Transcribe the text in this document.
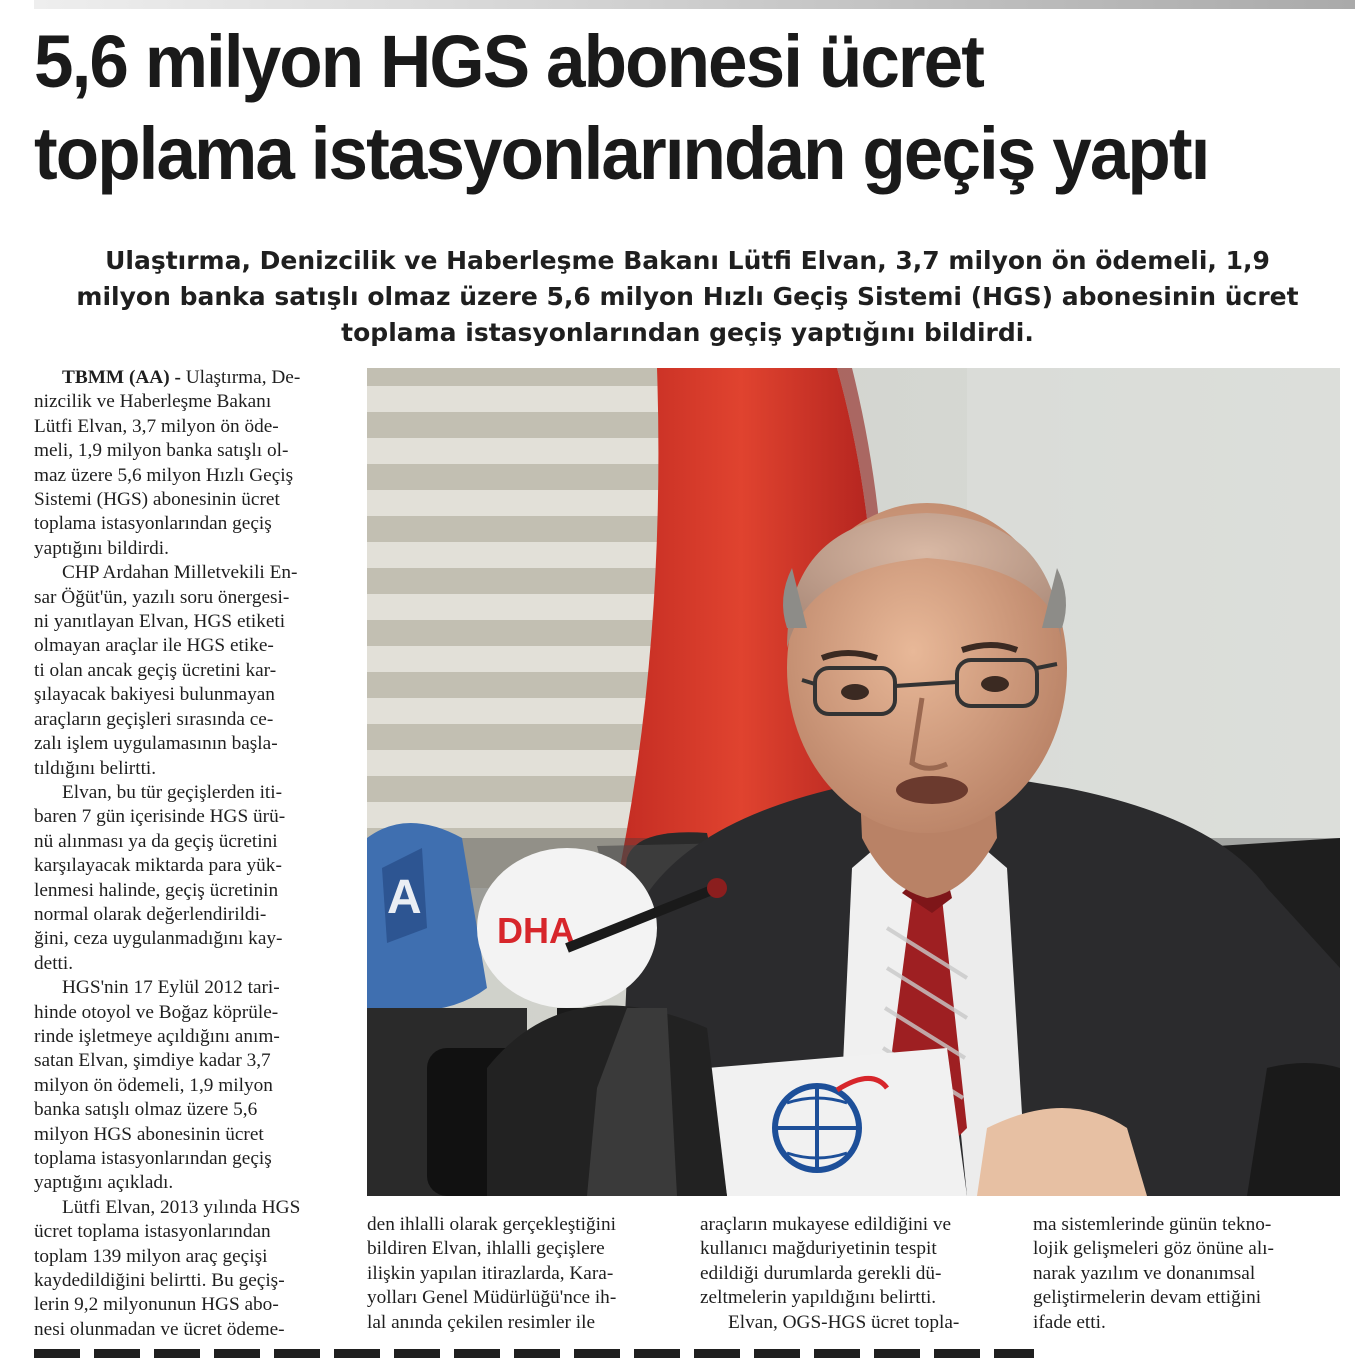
5,6 milyon HGS abonesi ücret
toplama istasyonlarından geçiş yaptı

Ulaştırma, Denizcilik ve Haberleşme Bakanı Lütfi Elvan, 3,7 milyon ön ödemeli, 1,9
milyon banka satışlı olmaz üzere 5,6 milyon Hızlı Geçiş Sistemi (HGS) abonesinin ücret
toplama istasyonlarından geçiş yaptığını bildirdi.

TBMM (AA) - Ulaştırma, De-
nizcilik ve Haberleşme Bakanı
Lütfi Elvan, 3,7 milyon ön öde-
meli, 1,9 milyon banka satışlı ol-
maz üzere 5,6 milyon Hızlı Geçiş
Sistemi (HGS) abonesinin ücret
toplama istasyonlarından geçiş
yaptığını bildirdi.
CHP Ardahan Milletvekili En-
sar Öğüt'ün, yazılı soru önergesi-
ni yanıtlayan Elvan, HGS etiketi
olmayan araçlar ile HGS etike-
ti olan ancak geçiş ücretini kar-
şılayacak bakiyesi bulunmayan
araçların geçişleri sırasında ce-
zalı işlem uygulamasının başla-
tıldığını belirtti.
Elvan, bu tür geçişlerden iti-
baren 7 gün içerisinde HGS ürü-
nü alınması ya da geçiş ücretini
karşılayacak miktarda para yük-
lenmesi halinde, geçiş ücretinin
normal olarak değerlendirildi-
ğini, ceza uygulanmadığını kay-
detti.
HGS'nin 17 Eylül 2012 tari-
hinde otoyol ve Boğaz köprüle-
rinde işletmeye açıldığını anım-
satan Elvan, şimdiye kadar 3,7
milyon ön ödemeli, 1,9 milyon
banka satışlı olmaz üzere 5,6
milyon HGS abonesinin ücret
toplama istasyonlarından geçiş
yaptığını açıkladı.
Lütfi Elvan, 2013 yılında HGS
ücret toplama istasyonlarından
toplam 139 milyon araç geçişi
kaydedildiğini belirtti. Bu geçiş-
lerin 9,2 milyonunun HGS abo-
nesi olunmadan ve ücret ödeme-
A
DHA
den ihlalli olarak gerçekleştiğini
bildiren Elvan, ihlalli geçişlere
ilişkin yapılan itirazlarda, Kara-
yolları Genel Müdürlüğü'nce ih-
lal anında çekilen resimler ile
araçların mukayese edildiğini ve
kullanıcı mağduriyetinin tespit
edildiği durumlarda gerekli dü-
zeltmelerin yapıldığını belirtti.
Elvan, OGS-HGS ücret topla-
ma sistemlerinde günün tekno-
lojik gelişmeleri göz önüne alı-
narak yazılım ve donanımsal
geliştirmelerin devam ettiğini
ifade etti.
